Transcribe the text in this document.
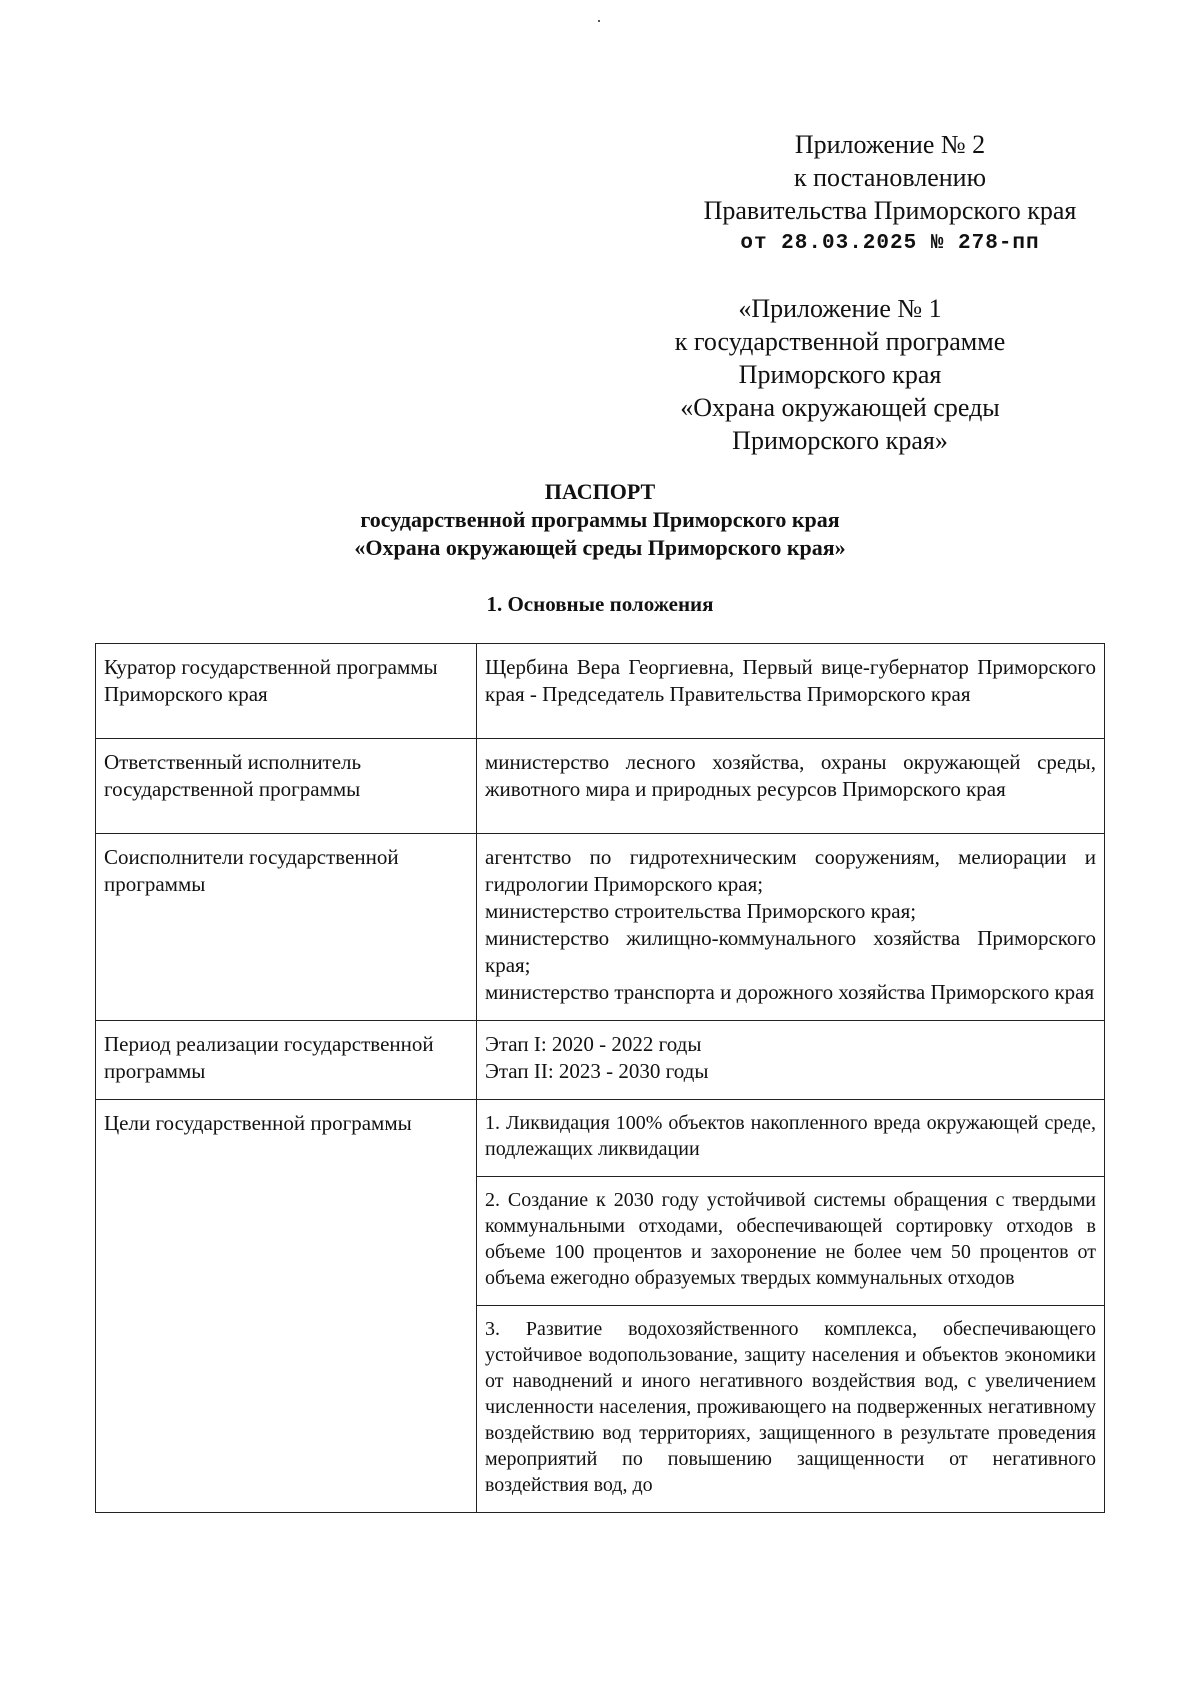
Приложение № 2
к постановлению
Правительства Приморского края
от 28.03.2025 № 278-пп
«Приложение № 1
к государственной программе
Приморского края
«Охрана окружающей среды
Приморского края»
ПАСПОРТ
государственной программы Приморского края
«Охрана окружающей среды Приморского края»
1. Основные положения
Куратор государственной программы Приморского края	Щербина Вера Георгиевна, Первый вице-губернатор Приморского края - Председатель Правительства Приморского края
Ответственный исполнитель государственной программы	министерство лесного хозяйства, охраны окружающей среды, животного мира и природных ресурсов Приморского края
Соисполнители государственной программы	агентство по гидротехническим сооружениям, мелиорации и гидрологии Приморского края;
министерство строительства Приморского края;
министерство жилищно-коммунального хозяйства Приморского края;
министерство транспорта и дорожного хозяйства Приморского края

Период реализации государственной программы	Этап I: 2020 - 2022 годы
Этап II: 2023 - 2030 годы

Цели государственной программы	1. Ликвидация 100% объектов накопленного вреда окружающей среде, подлежащих ликвидации
	2. Создание к 2030 году устойчивой системы обращения с твердыми коммунальными отходами, обеспечивающей сортировку отходов в объеме 100 процентов и захоронение не более чем 50 процентов от объема ежегодно образуемых твердых коммунальных отходов
	3. Развитие водохозяйственного комплекса, обеспечивающего устойчивое водопользование, защиту населения и объектов экономики от наводнений и иного негативного воздействия вод, с увеличением численности населения, проживающего на подверженных негативному воздействию вод территориях, защищенного в результате проведения мероприятий по повышению защищенности от негативного воздействия вод, до
